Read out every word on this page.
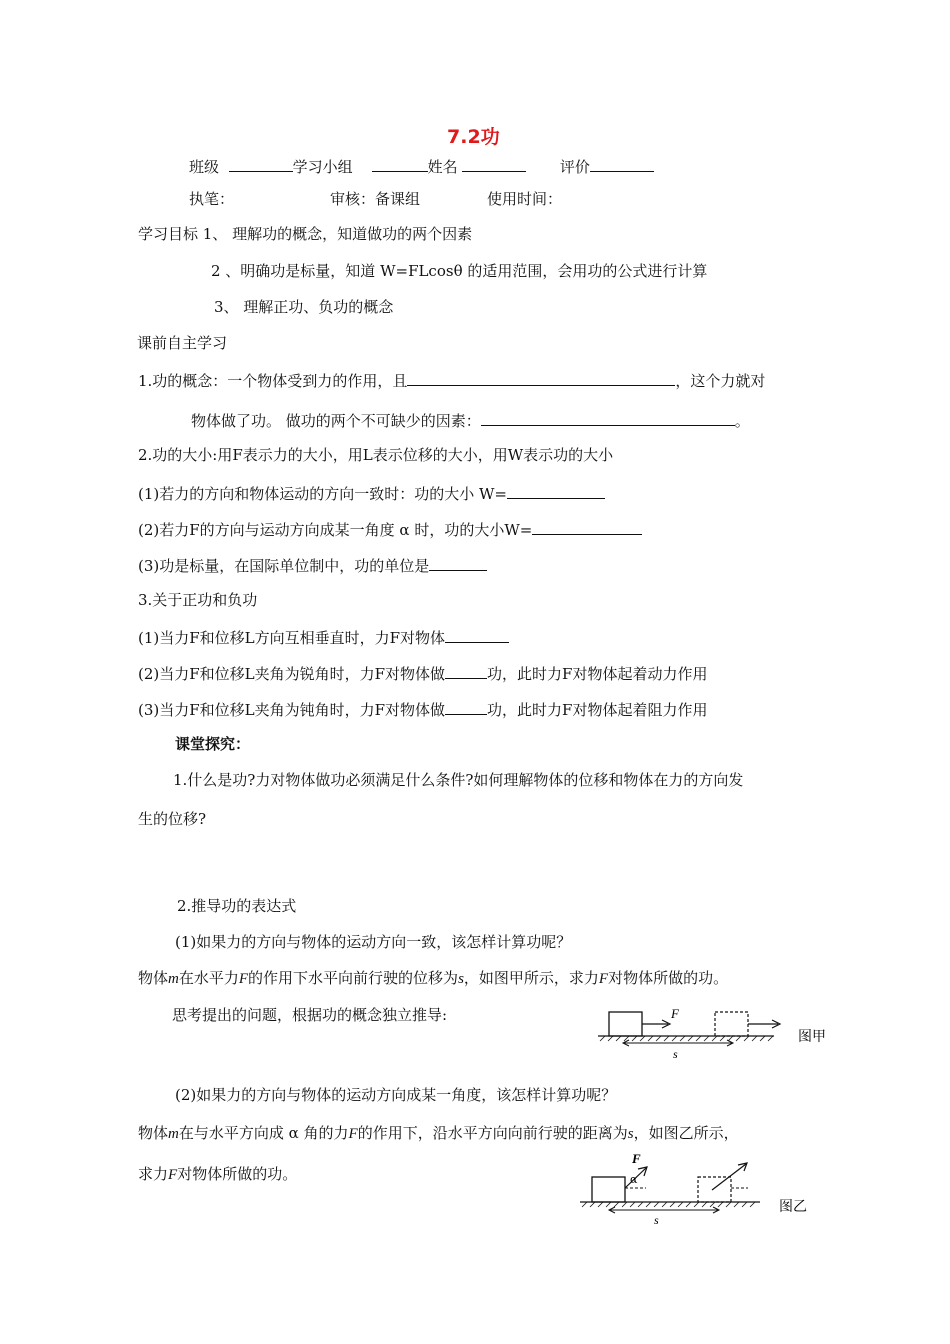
7.2功
班级	学习小组	姓名	评价
执笔：	审核：备课组	使用时间：
学习目标 1、 理解功的概念，知道做功的两个因素
2 、明确功是标量，知道 W=FLcosθ 的适用范围，会用功的公式进行计算
3、 理解正功、负功的概念
课前自主学习
1.功的概念：一个物体受到力的作用，且	，这个力就对
物体做了功。 做功的两个不可缺少的因素：	。
2.功的大小:用F表示力的大小，用L表示位移的大小，用W表示功的大小
(1)若力的方向和物体运动的方向一致时：功的大小 W=
(2)若力F的方向与运动方向成某一角度 α 时，功的大小W=
(3)功是标量，在国际单位制中，功的单位是
3.关于正功和负功
(1)当力F和位移L方向互相垂直时，力F对物体
(2)当力F和位移L夹角为锐角时，力F对物体做	功，此时力F对物体起着动力作用
(3)当力F和位移L夹角为钝角时，力F对物体做	功，此时力F对物体起着阻力作用
课堂探究：
1.什么是功?力对物体做功必须满足什么条件?如何理解物体的位移和物体在力的方向发
生的位移?
2.推导功的表达式
(1)如果力的方向与物体的运动方向一致，该怎样计算功呢？
物体m在水平力F的作用下水平向前行驶的位移为s，如图甲所示，求力F对物体所做的功。
思考提出的问题，根据功的概念独立推导:	F
s
图甲
(2)如果力的方向与物体的运动方向成某一角度，该怎样计算功呢？
物体m在与水平方向成 α 角的力F的作用下，沿水平方向向前行驶的距离为s，如图乙所示，
求力F对物体所做的功。
F
α
s
图乙
